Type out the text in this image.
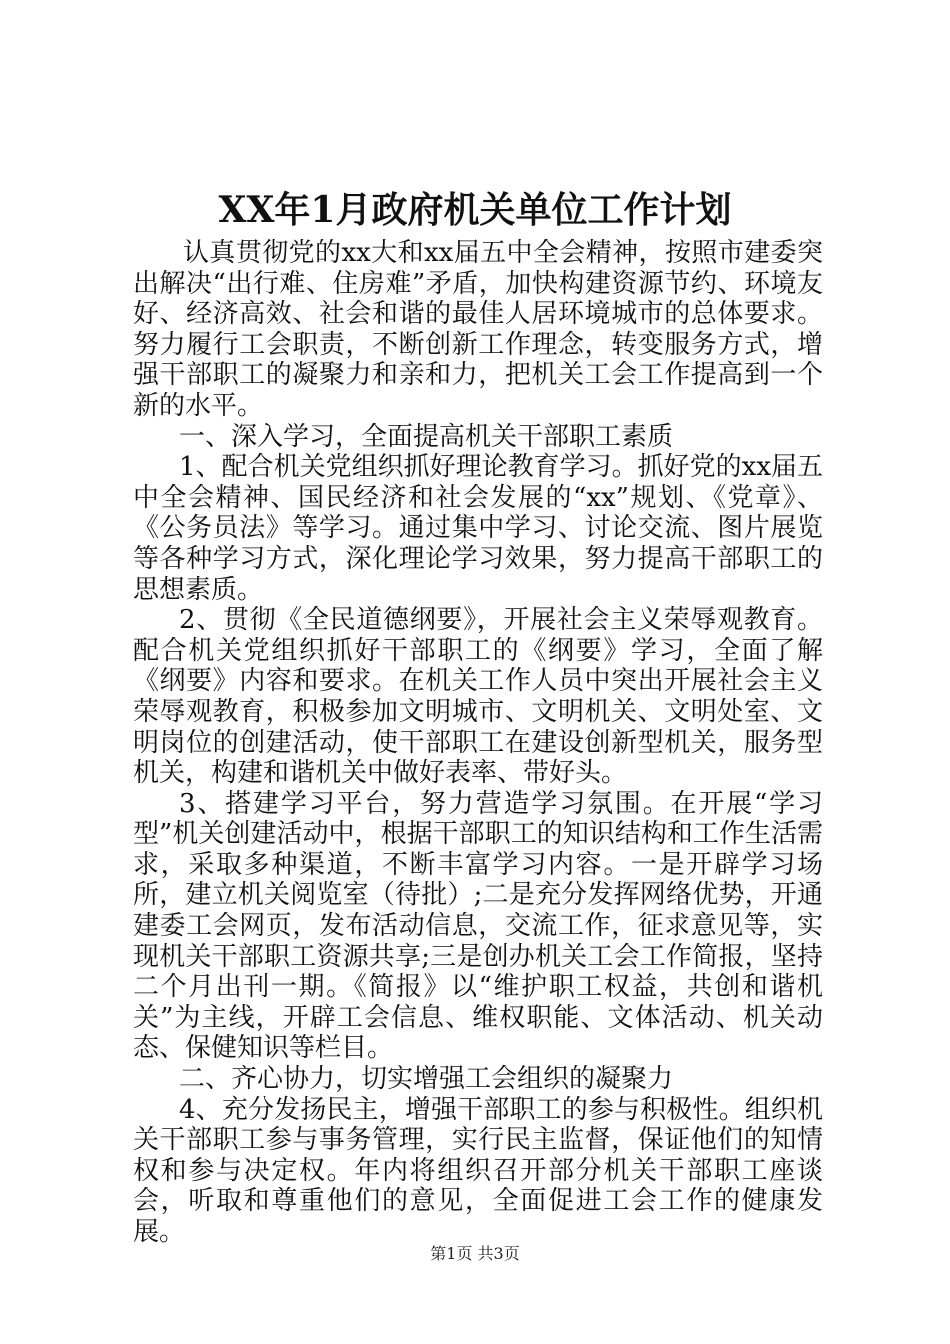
XX年1月政府机关单位工作计划

认真贯彻党的xx大和xx届五中全会精神，按照市建委突出解决“出行难、住房难”矛盾，加快构建资源节约、环境友好、经济高效、社会和谐的最佳人居环境城市的总体要求。努力履行工会职责，不断创新工作理念，转变服务方式，增强干部职工的凝聚力和亲和力，把机关工会工作提高到一个新的水平。

一、深入学习，全面提高机关干部职工素质

1、配合机关党组织抓好理论教育学习。抓好党的xx届五中全会精神、国民经济和社会发展的“xx”规划、《党章》、《公务员法》等学习。通过集中学习、讨论交流、图片展览等各种学习方式，深化理论学习效果，努力提高干部职工的思想素质。

2、贯彻《全民道德纲要》，开展社会主义荣辱观教育。配合机关党组织抓好干部职工的《纲要》学习，全面了解《纲要》内容和要求。在机关工作人员中突出开展社会主义荣辱观教育，积极参加文明城市、文明机关、文明处室、文明岗位的创建活动，使干部职工在建设创新型机关，服务型机关，构建和谐机关中做好表率、带好头。

3、搭建学习平台，努力营造学习氛围。在开展“学习型”机关创建活动中，根据干部职工的知识结构和工作生活需求，采取多种渠道，不断丰富学习内容。一是开辟学习场所，建立机关阅览室（待批）;二是充分发挥网络优势，开通建委工会网页，发布活动信息，交流工作，征求意见等，实现机关干部职工资源共享;三是创办机关工会工作简报，坚持二个月出刊一期。《简报》以“维护职工权益，共创和谐机关”为主线，开辟工会信息、维权职能、文体活动、机关动态、保健知识等栏目。

二、齐心协力，切实增强工会组织的凝聚力

4、充分发扬民主，增强干部职工的参与积极性。组织机关干部职工参与事务管理，实行民主监督，保证他们的知情权和参与决定权。年内将组织召开部分机关干部职工座谈会，听取和尊重他们的意见，全面促进工会工作的健康发展。

第1页 共3页
